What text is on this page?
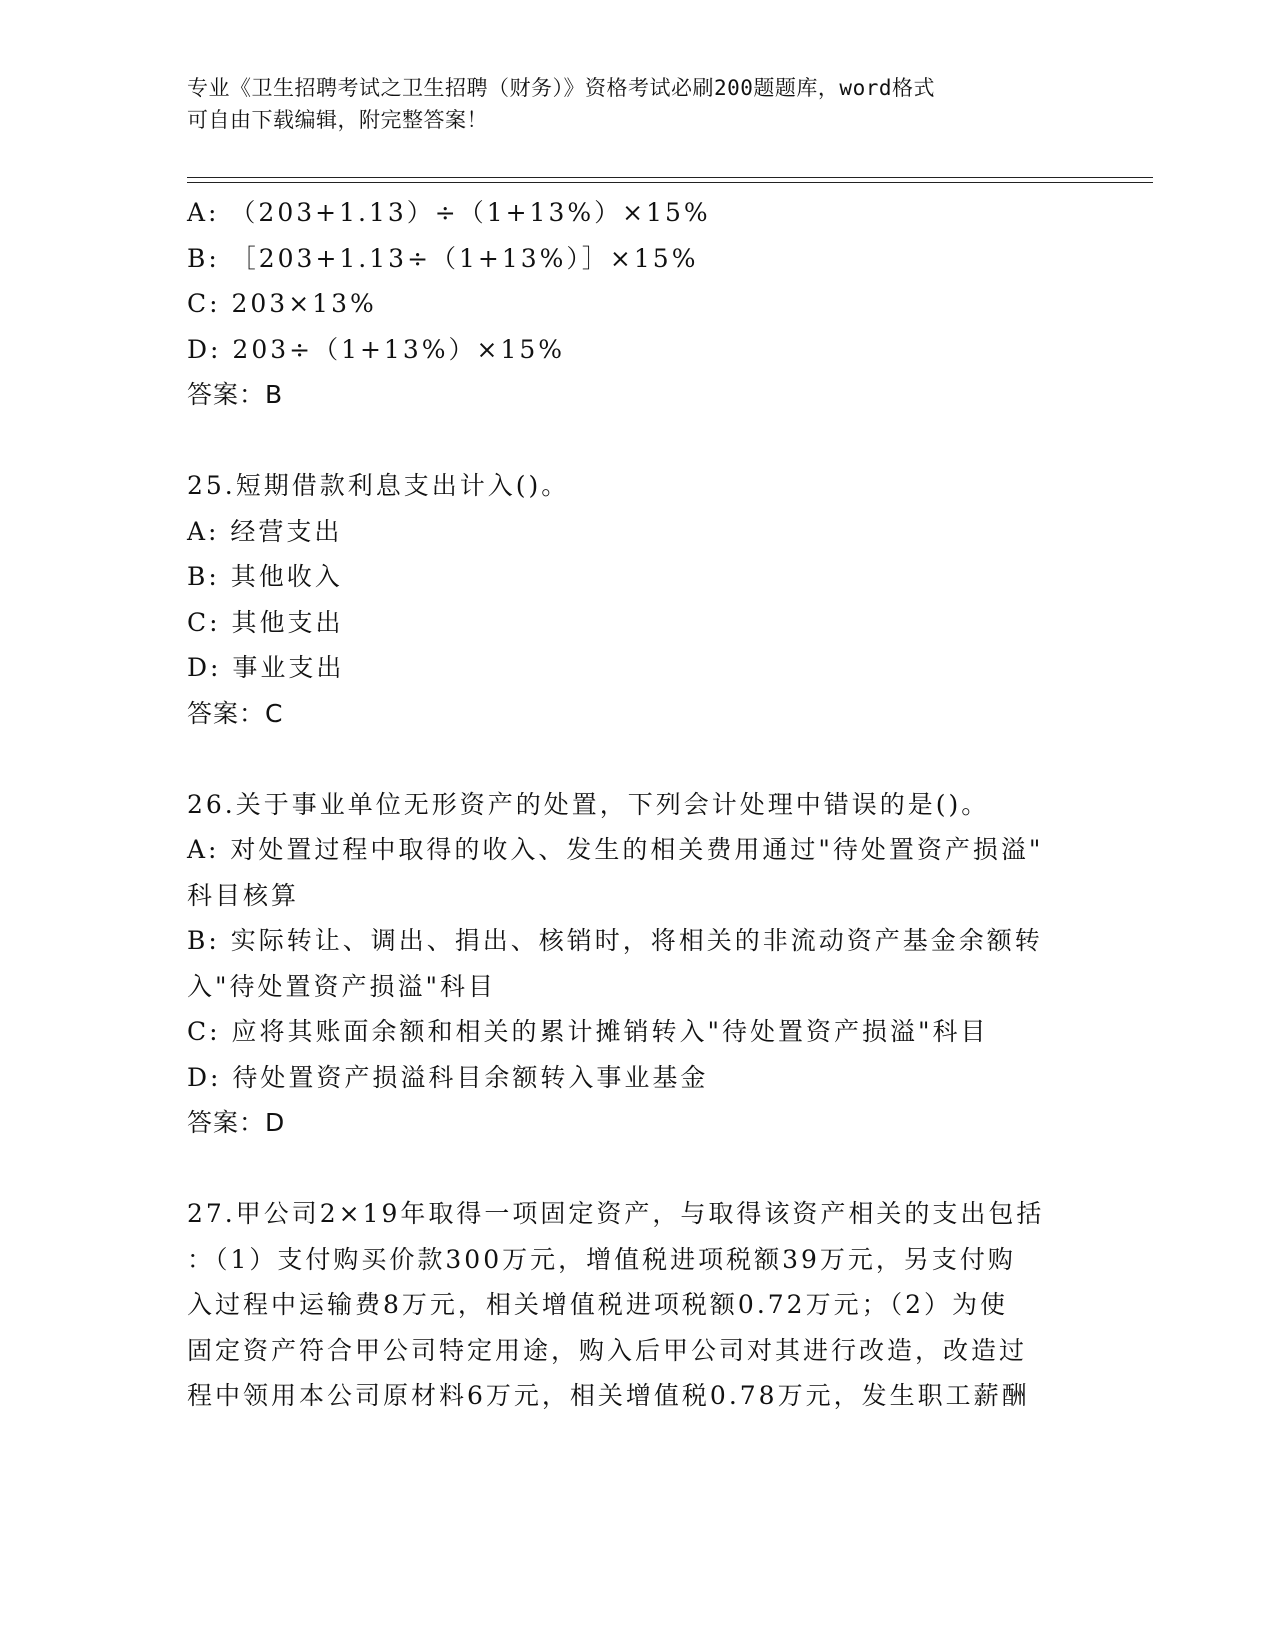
专业《卫生招聘考试之卫生招聘（财务）》资格考试必刷200题题库，word格式
可自由下载编辑，附完整答案！
A: （203+1.13）÷（1+13%）×15%
B: ［203+1.13÷（1+13%）］×15%
C: 203×13%
D: 203÷（1+13%）×15%
答案：B
25.短期借款利息支出计入()。
A: 经营支出
B: 其他收入
C: 其他支出
D: 事业支出
答案：C
26.关于事业单位无形资产的处置，下列会计处理中错误的是()。
A: 对处置过程中取得的收入、发生的相关费用通过"待处置资产损溢"
科目核算
B: 实际转让、调出、捐出、核销时，将相关的非流动资产基金余额转
入"待处置资产损溢"科目
C: 应将其账面余额和相关的累计摊销转入"待处置资产损溢"科目
D: 待处置资产损溢科目余额转入事业基金
答案：D
27.甲公司2×19年取得一项固定资产，与取得该资产相关的支出包括
：（1）支付购买价款300万元，增值税进项税额39万元，另支付购
入过程中运输费8万元，相关增值税进项税额0.72万元；（2）为使
固定资产符合甲公司特定用途，购入后甲公司对其进行改造，改造过
程中领用本公司原材料6万元，相关增值税0.78万元，发生职工薪酬
